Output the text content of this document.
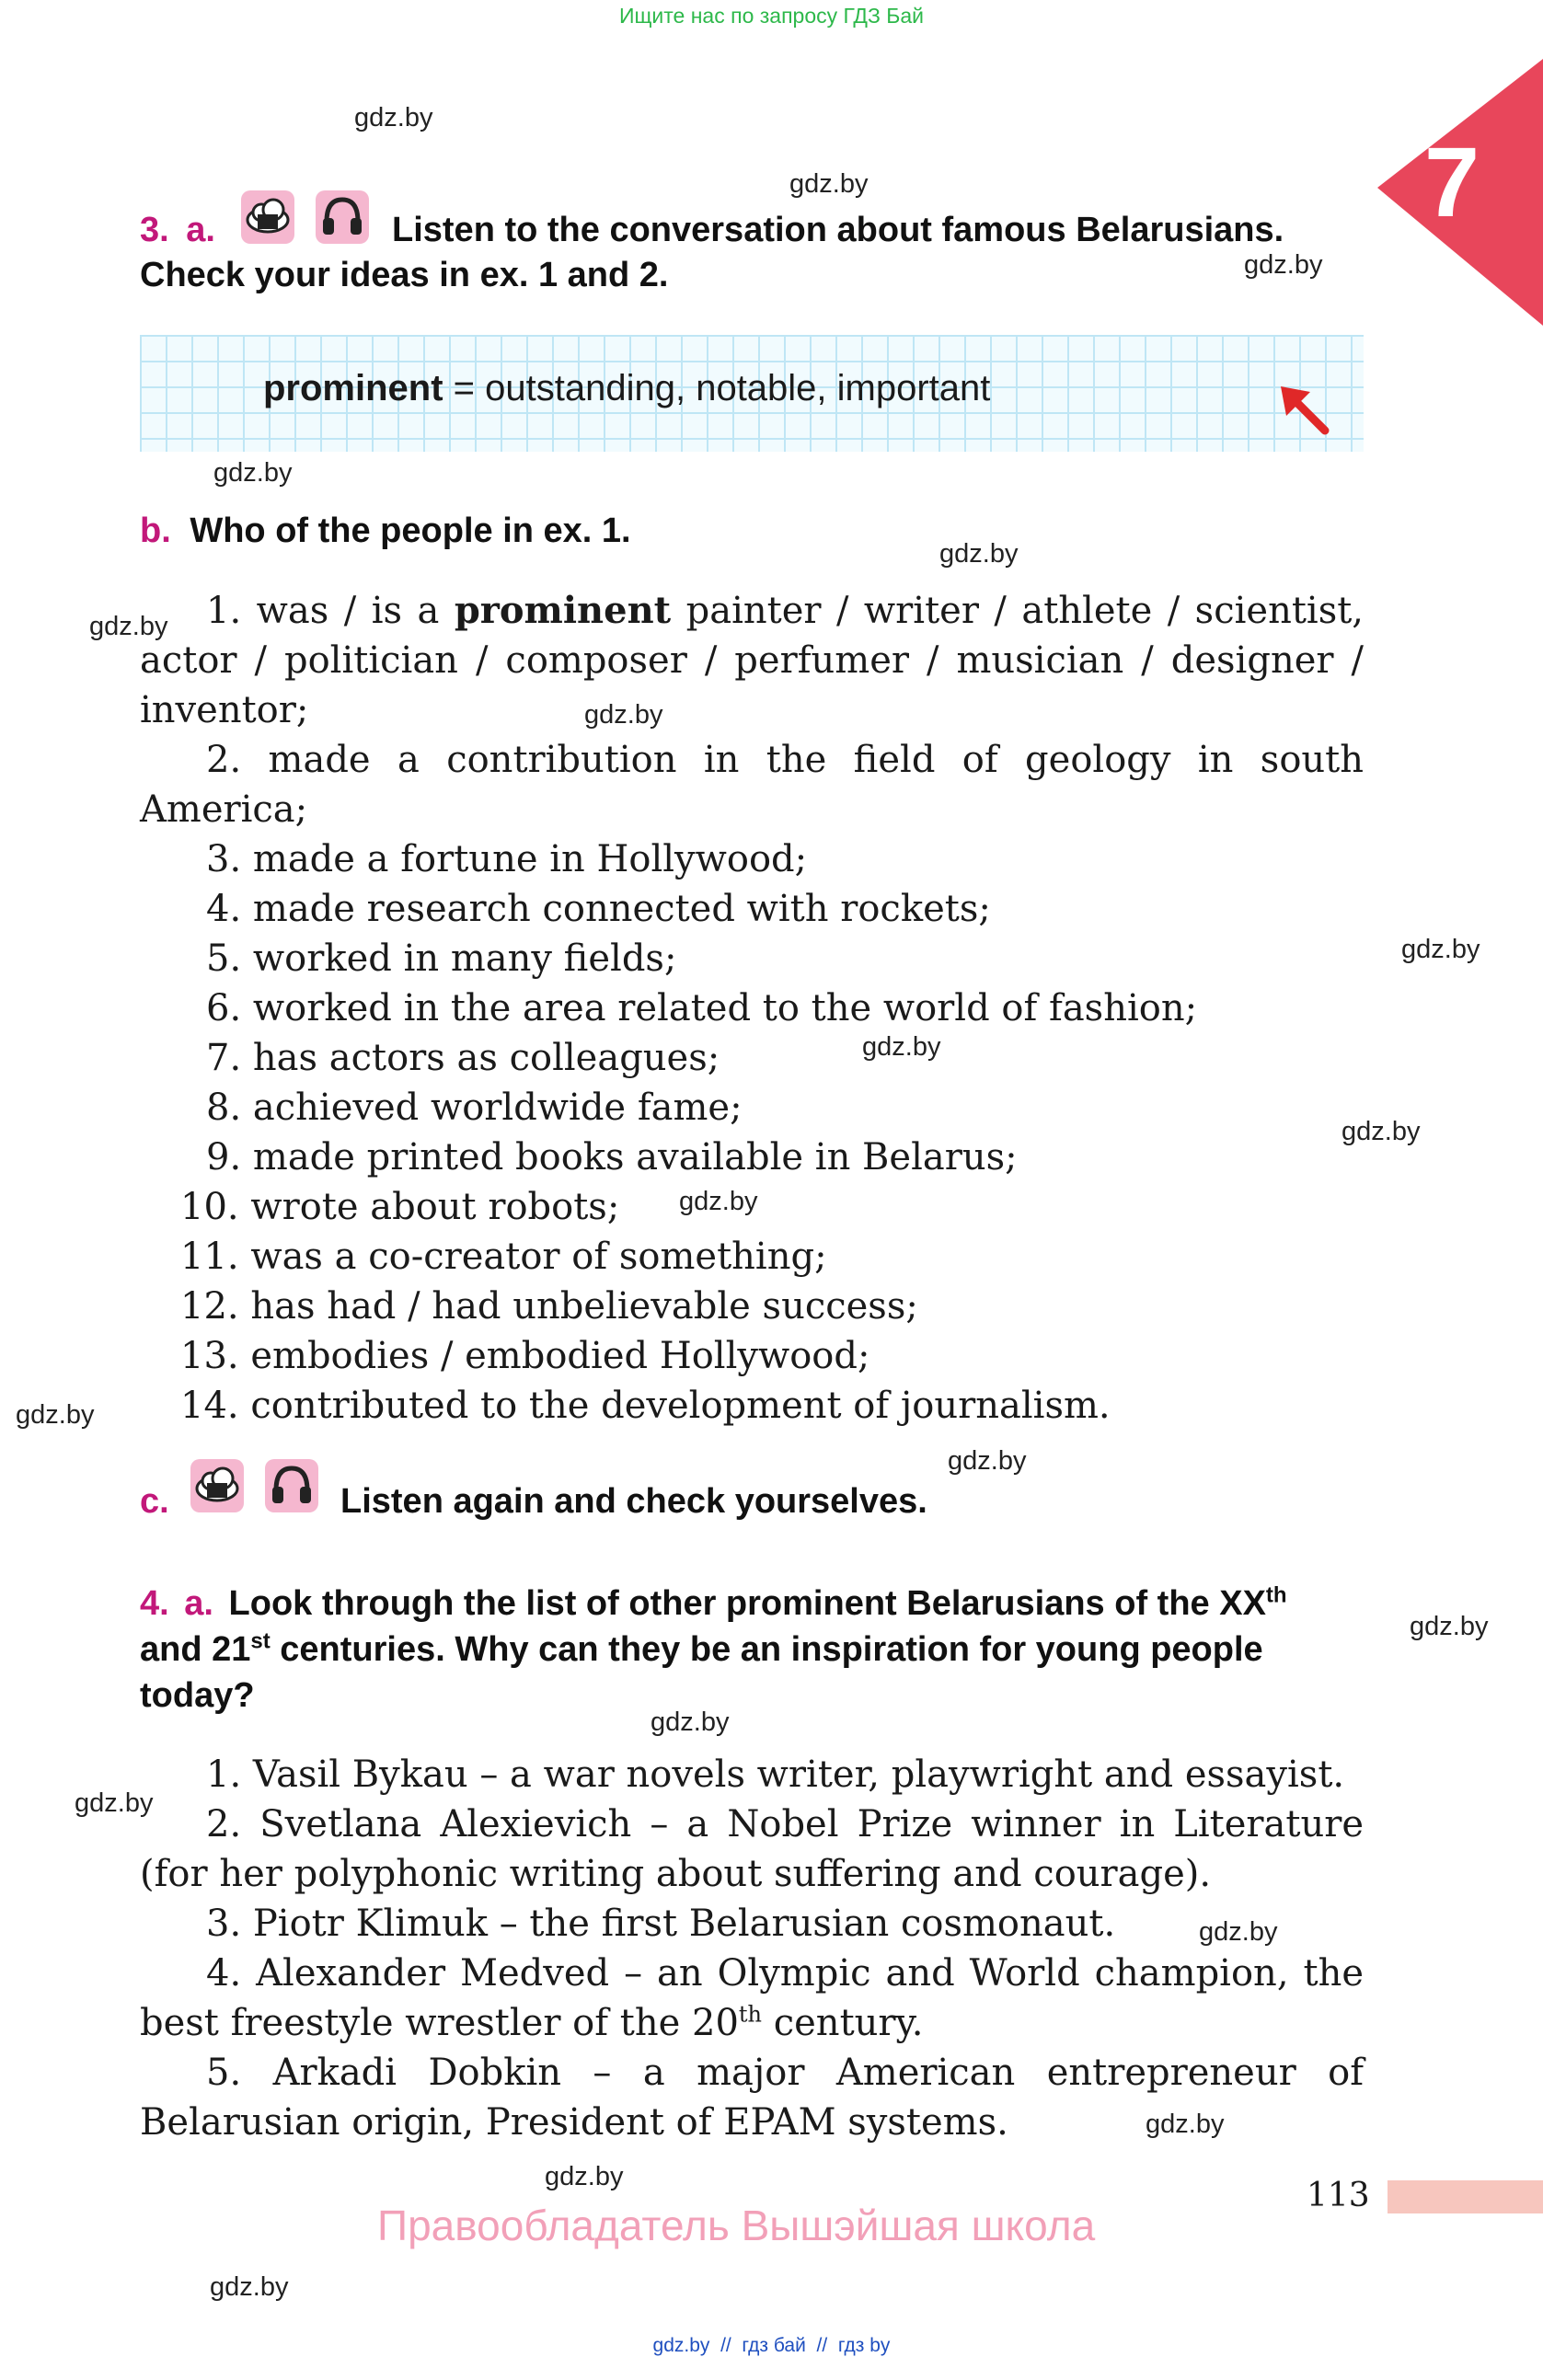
Ищите нас по запросу ГДЗ Бай
7
gdz.by
gdz.by
gdz.by
gdz.by
gdz.by
gdz.by
gdz.by
gdz.by
gdz.by
gdz.by
gdz.by
gdz.by
gdz.by
gdz.by
gdz.by
gdz.by
gdz.by
gdz.by
gdz.by
gdz.by
3. a.	Listen to the conversation about famous Belarusians.
Check your ideas in ex. 1 and 2.
prominent = outstanding, notable, important
b. Who of the people in ex. 1.
1. was / is a prominent painter / writer / athlete / scientist,
actor / politician / composer / perfumer / musician / designer /
inventor;
2. made a contribution in the field of geology in south
America;
3. made a fortune in Hollywood;
4. made research connected with rockets;
5. worked in many fields;
6. worked in the area related to the world of fashion;
7. has actors as colleagues;
8. achieved worldwide fame;
9. made printed books available in Belarus;
10. wrote about robots;
11. was a co-creator of something;
12. has had / had unbelievable success;
13. embodies / embodied Hollywood;
14. contributed to the development of journalism.
c.	Listen again and check yourselves.
4. a. Look through the list of other prominent Belarusians of the XXth
and 21st centuries. Why can they be an inspiration for young people
today?
1. Vasil Bykau – a war novels writer, playwright and essayist.
2. Svetlana Alexievich – a Nobel Prize winner in Literature
(for her polyphonic writing about suffering and courage).
3. Piotr Klimuk – the first Belarusian cosmonaut.
4. Alexander Medved – an Olympic and World champion, the
best freestyle wrestler of the 20th century.
5. Arkadi Dobkin – a major American entrepreneur of
Belarusian origin, President of EPAM systems.
113
Правообладатель Вышэйшая школа
gdz.by  //  гдз бай  //  гдз by
